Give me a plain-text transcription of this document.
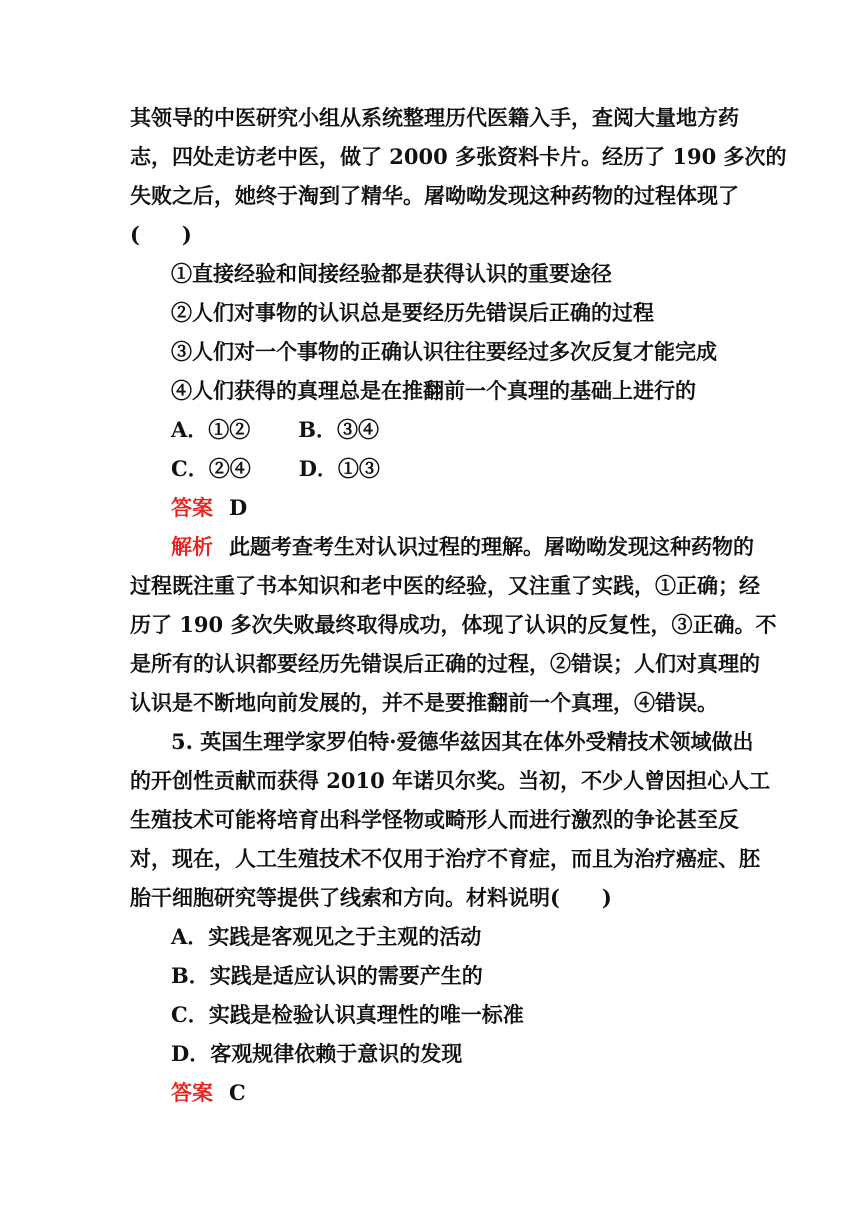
其领导的中医研究小组从系统整理历代医籍入手，查阅大量地方药
志，四处走访老中医，做了 2000 多张资料卡片。经历了 190 多次的
失败之后，她终于淘到了精华。屠呦呦发现这种药物的过程体现了
(　　)
①直接经验和间接经验都是获得认识的重要途径
②人们对事物的认识总是要经历先错误后正确的过程
③人们对一个事物的正确认识往往要经过多次反复才能完成
④人们获得的真理总是在推翻前一个真理的基础上进行的
A．①② B．③④
C．②④ D．①③
答案 D
解析 此题考查考生对认识过程的理解。屠呦呦发现这种药物的
过程既注重了书本知识和老中医的经验，又注重了实践，①正确；经
历了 190 多次失败最终取得成功，体现了认识的反复性，③正确。不
是所有的认识都要经历先错误后正确的过程，②错误；人们对真理的
认识是不断地向前发展的，并不是要推翻前一个真理，④错误。
5. 英国生理学家罗伯特·爱德华兹因其在体外受精技术领域做出
的开创性贡献而获得 2010 年诺贝尔奖。当初，不少人曾因担心人工
生殖技术可能将培育出科学怪物或畸形人而进行激烈的争论甚至反
对，现在，人工生殖技术不仅用于治疗不育症，而且为治疗癌症、胚
胎干细胞研究等提供了线索和方向。材料说明(　　)
A．实践是客观见之于主观的活动
B．实践是适应认识的需要产生的
C．实践是检验认识真理性的唯一标准
D．客观规律依赖于意识的发现
答案 C
